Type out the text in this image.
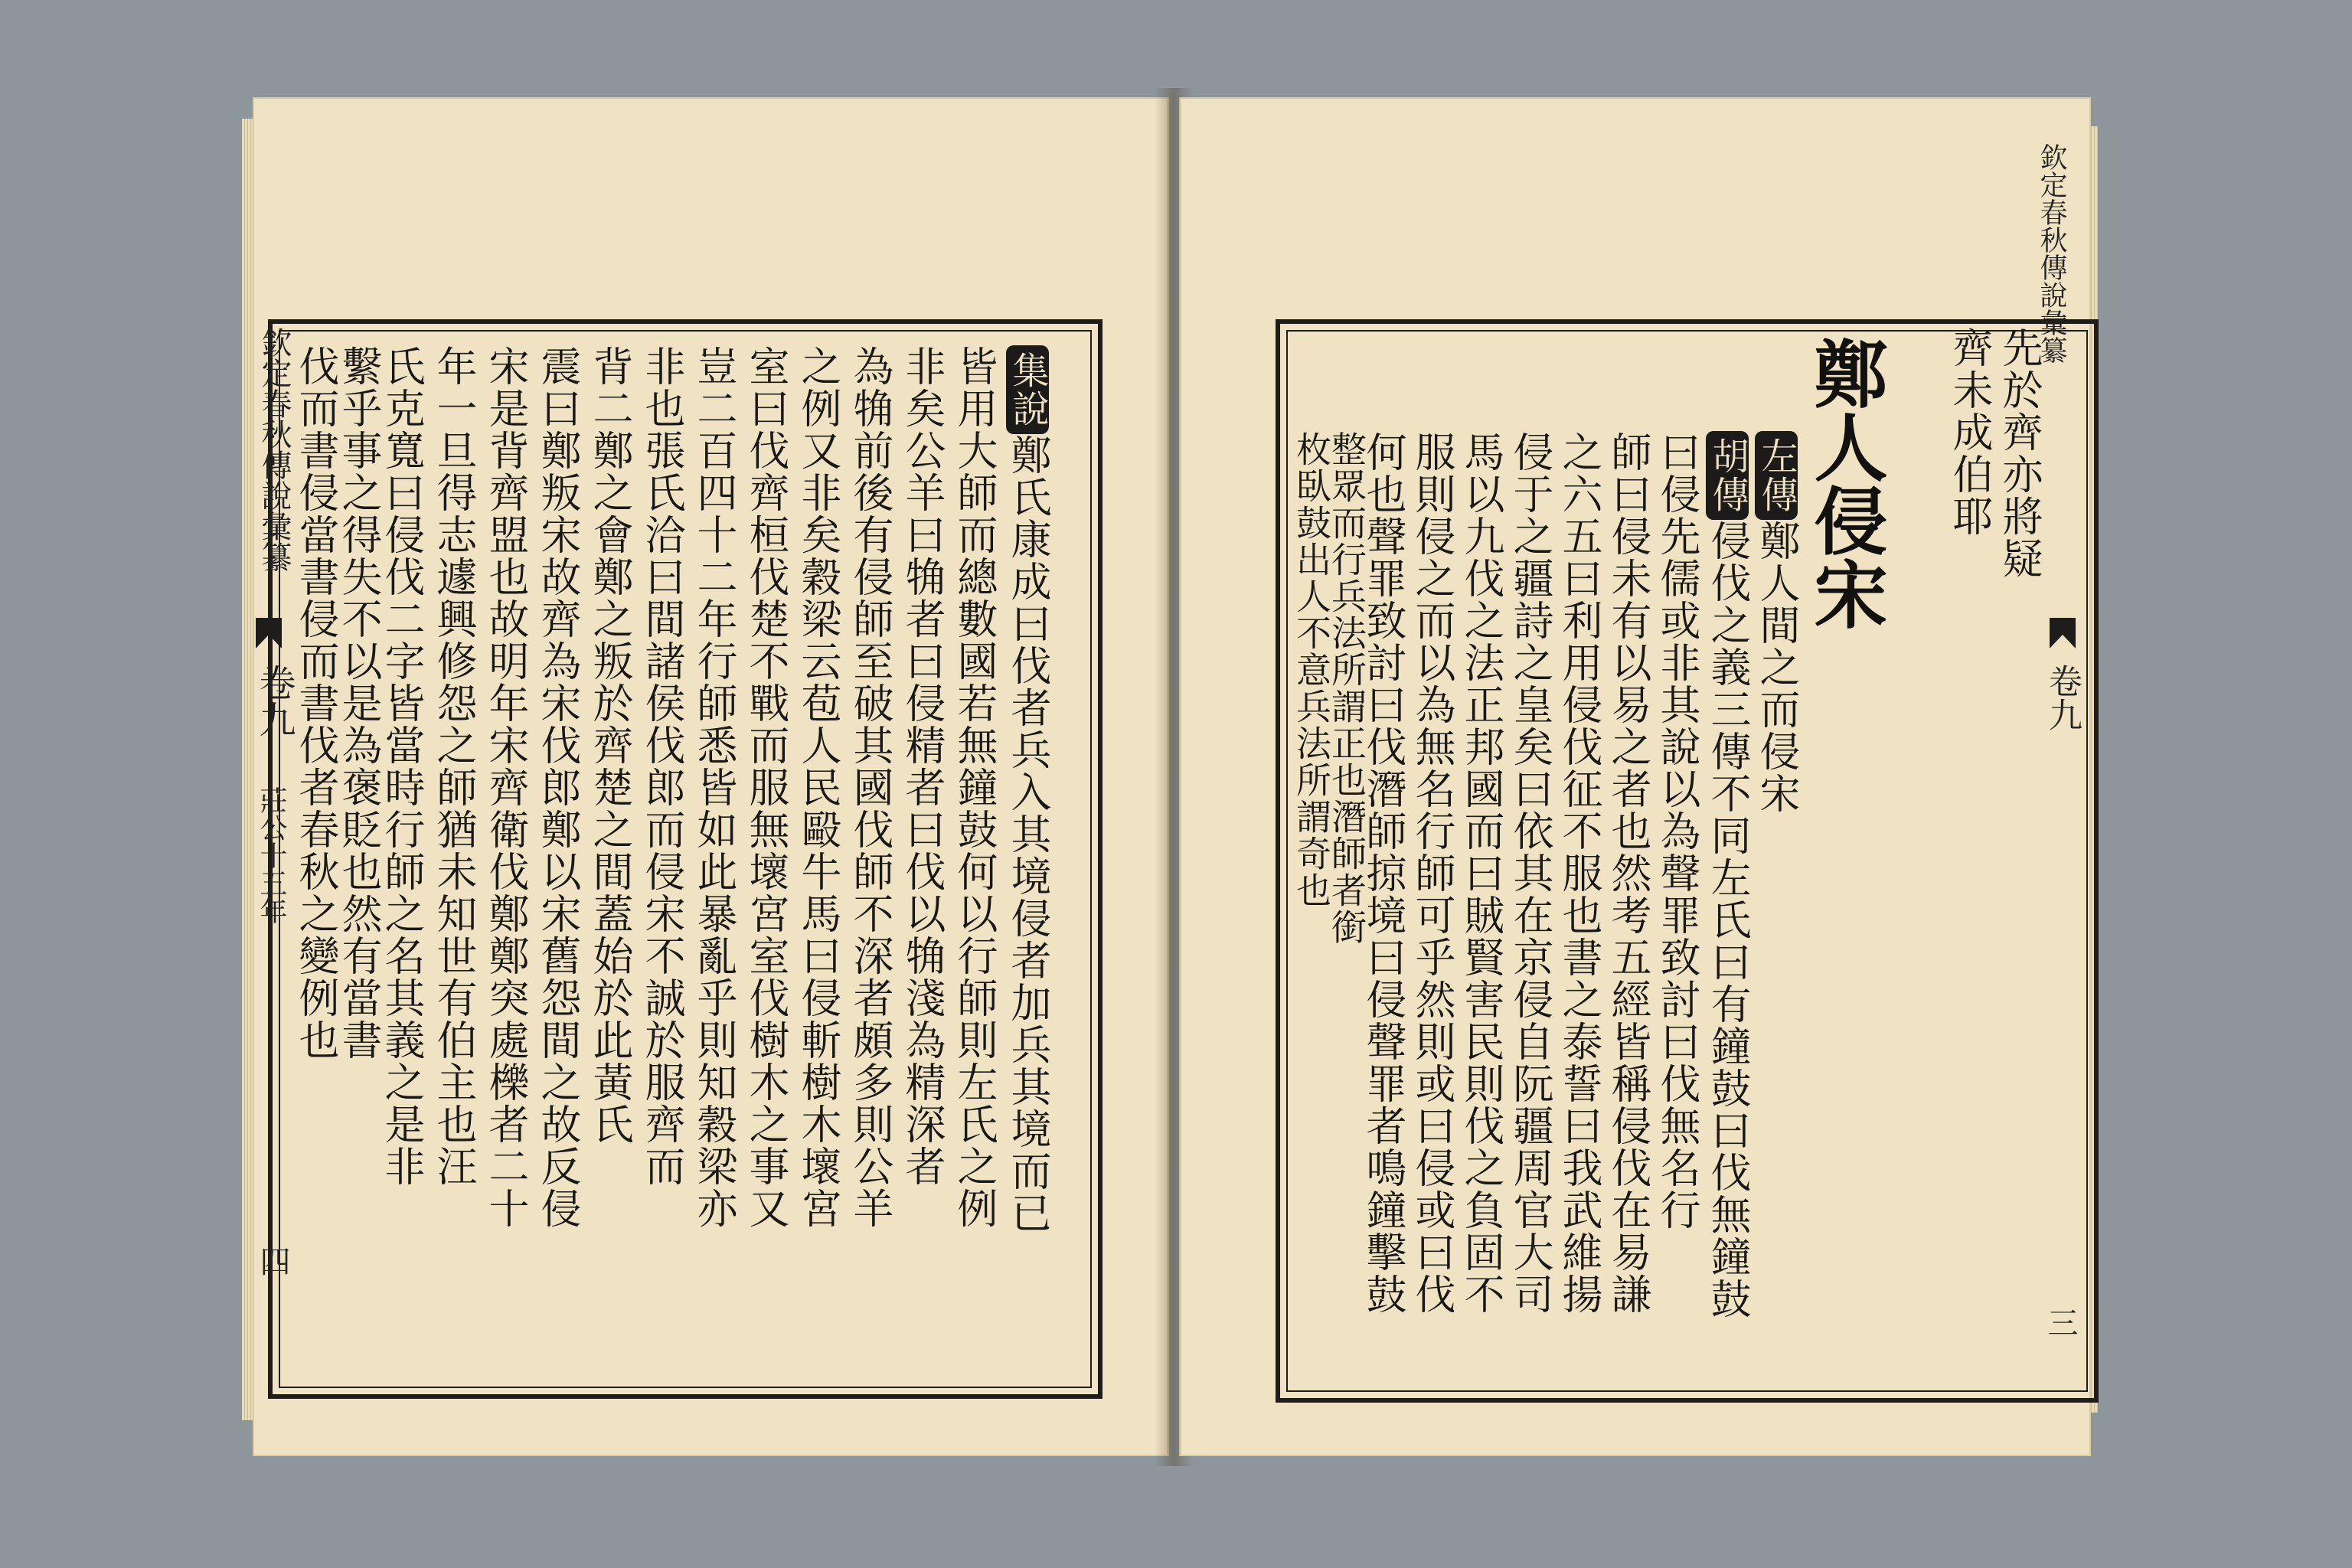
集說鄭氏康成曰伐者兵入其境侵者加兵其境而已
皆用大師而總數國若無鐘鼓何以行師則左氏之例
非矣公羊曰觕者曰侵精者曰伐以觕淺為精深者
為觕前後有侵師至破其國伐師不深者頗多則公羊
之例又非矣穀梁云苞人民毆牛馬曰侵斬樹木壞宮
室曰伐齊桓伐楚不戰而服無壞宮室伐樹木之事又
豈二百四十二年行師悉皆如此暴亂乎則知穀梁亦
非也張氏洽曰間諸侯伐郎而侵宋不誠於服齊而
背二鄭之會鄭之叛於齊楚之間蓋始於此黃氏
震曰鄭叛宋故齊為宋伐郎鄭以宋舊怨間之故反侵
宋是背齊盟也故明年宋齊衛伐鄭鄭突處櫟者二十
年一旦得志遽興修怨之師猶未知世有伯主也汪
氏克寬曰侵伐二字皆當時行師之名其義之是非
繫乎事之得失不以是為褒貶也然有當書
伐而書侵當書侵而書伐者春秋之變例也
欽定春秋傳說彙纂
卷九
莊公十五年
四
先於齊亦將疑
齊未成伯耶
鄭人侵宋
左傳鄭人間之而侵宋
胡傳侵伐之義三傳不同左氏曰有鐘鼓曰伐無鐘鼓
曰侵先儒或非其說以為聲罪致討曰伐無名行
師曰侵未有以易之者也然考五經皆稱侵伐在易謙
之六五曰利用侵伐征不服也書之泰誓曰我武維揚
侵于之疆詩之皇矣曰依其在京侵自阮疆周官大司
馬以九伐之法正邦國而曰賊賢害民則伐之負固不
服則侵之而以為無名行師可乎然則或曰侵或曰伐
何也聲罪致討曰伐潛師掠境曰侵聲罪者鳴鐘擊鼓
整眾而行兵法所謂正也潛師者銜
枚臥鼓出人不意兵法所謂奇也
欽定春秋傳說彙纂
卷九
三
